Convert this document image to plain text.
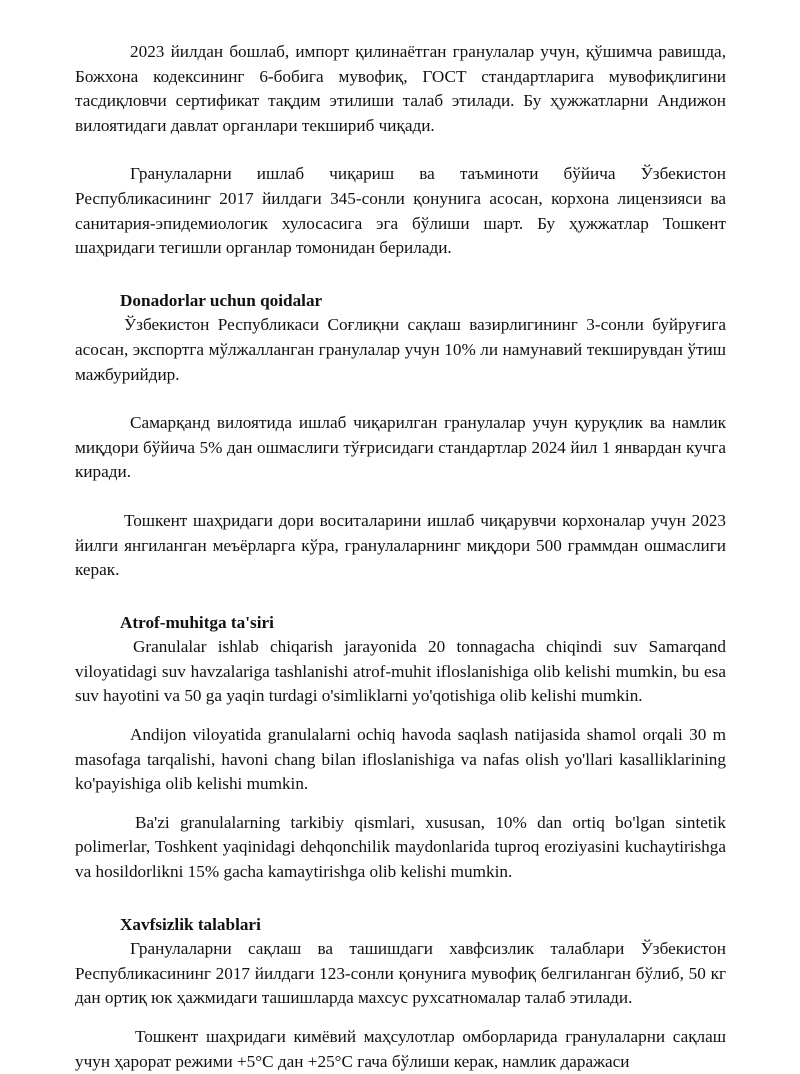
2023 йилдан бошлаб, импорт қилинаётган гранулалар учун, қўшимча равишда, Божхона кодексининг 6-бобига мувофиқ, ГОСТ стандартларига мувофиқлигини тасдиқловчи сертификат тақдим этилиши талаб этилади. Бу ҳужжатларни Андижон вилоятидаги давлат органлари текшириб чиқади.

Гранулаларни ишлаб чиқариш ва таъминоти бўйича Ўзбекистон Республикасининг 2017 йилдаги 345-сонли қонунига асосан, корхона лицензияси ва санитария-эпидемиологик хулосасига эга бўлиши шарт. Бу ҳужжатлар Тошкент шаҳридаги тегишли органлар томонидан берилади.

Donadorlar uchun qoidalar

Ўзбекистон Республикаси Соғлиқни сақлаш вазирлигининг 3-сонли буйруғига асосан, экспортга мўлжалланган гранулалар учун 10% ли намунавий текширувдан ўтиш мажбурийдир.

Самарқанд вилоятида ишлаб чиқарилган гранулалар учун қуруқлик ва намлик миқдори бўйича 5% дан ошмаслиги тўғрисидаги стандартлар 2024 йил 1 январдан кучга киради.

Тошкент шаҳридаги дори воситаларини ишлаб чиқарувчи корхоналар учун 2023 йилги янгиланган меъёрларга кўра, гранулаларнинг миқдори 500 граммдан ошмаслиги керак.

Atrof-muhitga ta'siri

Granulalar ishlab chiqarish jarayonida 20 tonnagacha chiqindi suv Samarqand viloyatidagi suv havzalariga tashlanishi atrof-muhit ifloslanishiga olib kelishi mumkin, bu esa suv hayotini va 50 ga yaqin turdagi o'simliklarni yo'qotishiga olib kelishi mumkin.

Andijon viloyatida granulalarni ochiq havoda saqlash natijasida shamol orqali 30 m masofaga tarqalishi, havoni chang bilan ifloslanishiga va nafas olish yo'llari kasalliklarining ko'payishiga olib kelishi mumkin.

Ba'zi granulalarning tarkibiy qismlari, xususan, 10% dan ortiq bo'lgan sintetik polimerlar, Toshkent yaqinidagi dehqonchilik maydonlarida tuproq eroziyasini kuchaytirishga va hosildorlikni 15% gacha kamaytirishga olib kelishi mumkin.

Xavfsizlik talablari

Гранулаларни сақлаш ва ташишдаги хавфсизлик талаблари Ўзбекистон Республикасининг 2017 йилдаги 123-сонли қонунига мувофиқ белгиланган бўлиб, 50 кг дан ортиқ юк ҳажмидаги ташишларда махсус рухсатномалар талаб этилади.

Тошкент шаҳридаги кимёвий маҳсулотлар омборларида гранулаларни сақлаш учун ҳарорат режими +5°C дан +25°C гача бўлиши керак, намлик даражаси
